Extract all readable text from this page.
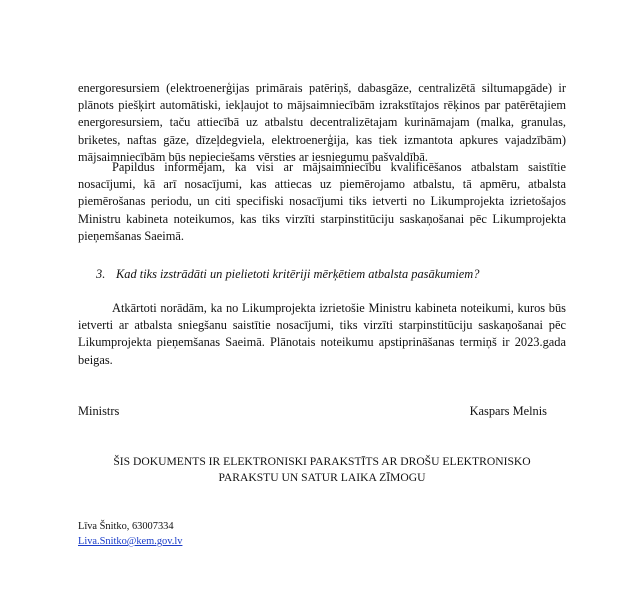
energoresursiem (elektroenerģijas primārais patēriņš, dabasgāze, centralizētā siltumapgāde) ir plānots piešķirt automātiski, iekļaujot to mājsaimniecībām izrakstītajos rēķinos par patērētajiem energoresursiem, taču attiecībā uz atbalstu decentralizētajam kurināmajam (malka, granulas, briketes, naftas gāze, dīzeļdegviela, elektroenerģija, kas tiek izmantota apkures vajadzībām) mājsaimniecībām būs nepieciešams vērsties ar iesniegumu pašvaldībā.

Papildus informējam, ka visi ar mājsaimniecību kvalificēšanos atbalstam saistītie nosacījumi, kā arī nosacījumi, kas attiecas uz piemērojamo atbalstu, tā apmēru, atbalsta piemērošanas periodu, un citi specifiski nosacījumi tiks ietverti no Likumprojekta izrietošajos Ministru kabineta noteikumos, kas tiks virzīti starpinstitūciju saskaņošanai pēc Likumprojekta pieņemšanas Saeimā.

3. Kad tiks izstrādāti un pielietoti kritēriji mērķētiem atbalsta pasākumiem?

Atkārtoti norādām, ka no Likumprojekta izrietošie Ministru kabineta noteikumi, kuros būs ietverti ar atbalsta sniegšanu saistītie nosacījumi, tiks virzīti starpinstitūciju saskaņošanai pēc Likumprojekta pieņemšanas Saeimā. Plānotais noteikumu apstiprināšanas termiņš ir 2023.gada beigas.

Ministrs	Kaspars Melnis
ŠIS DOKUMENTS IR ELEKTRONISKI PARAKSTĪTS AR DROŠU ELEKTRONISKO
PARAKSTU UN SATUR LAIKA ZĪMOGU
Līva Šnitko, 63007334
Liva.Snitko@kem.gov.lv
